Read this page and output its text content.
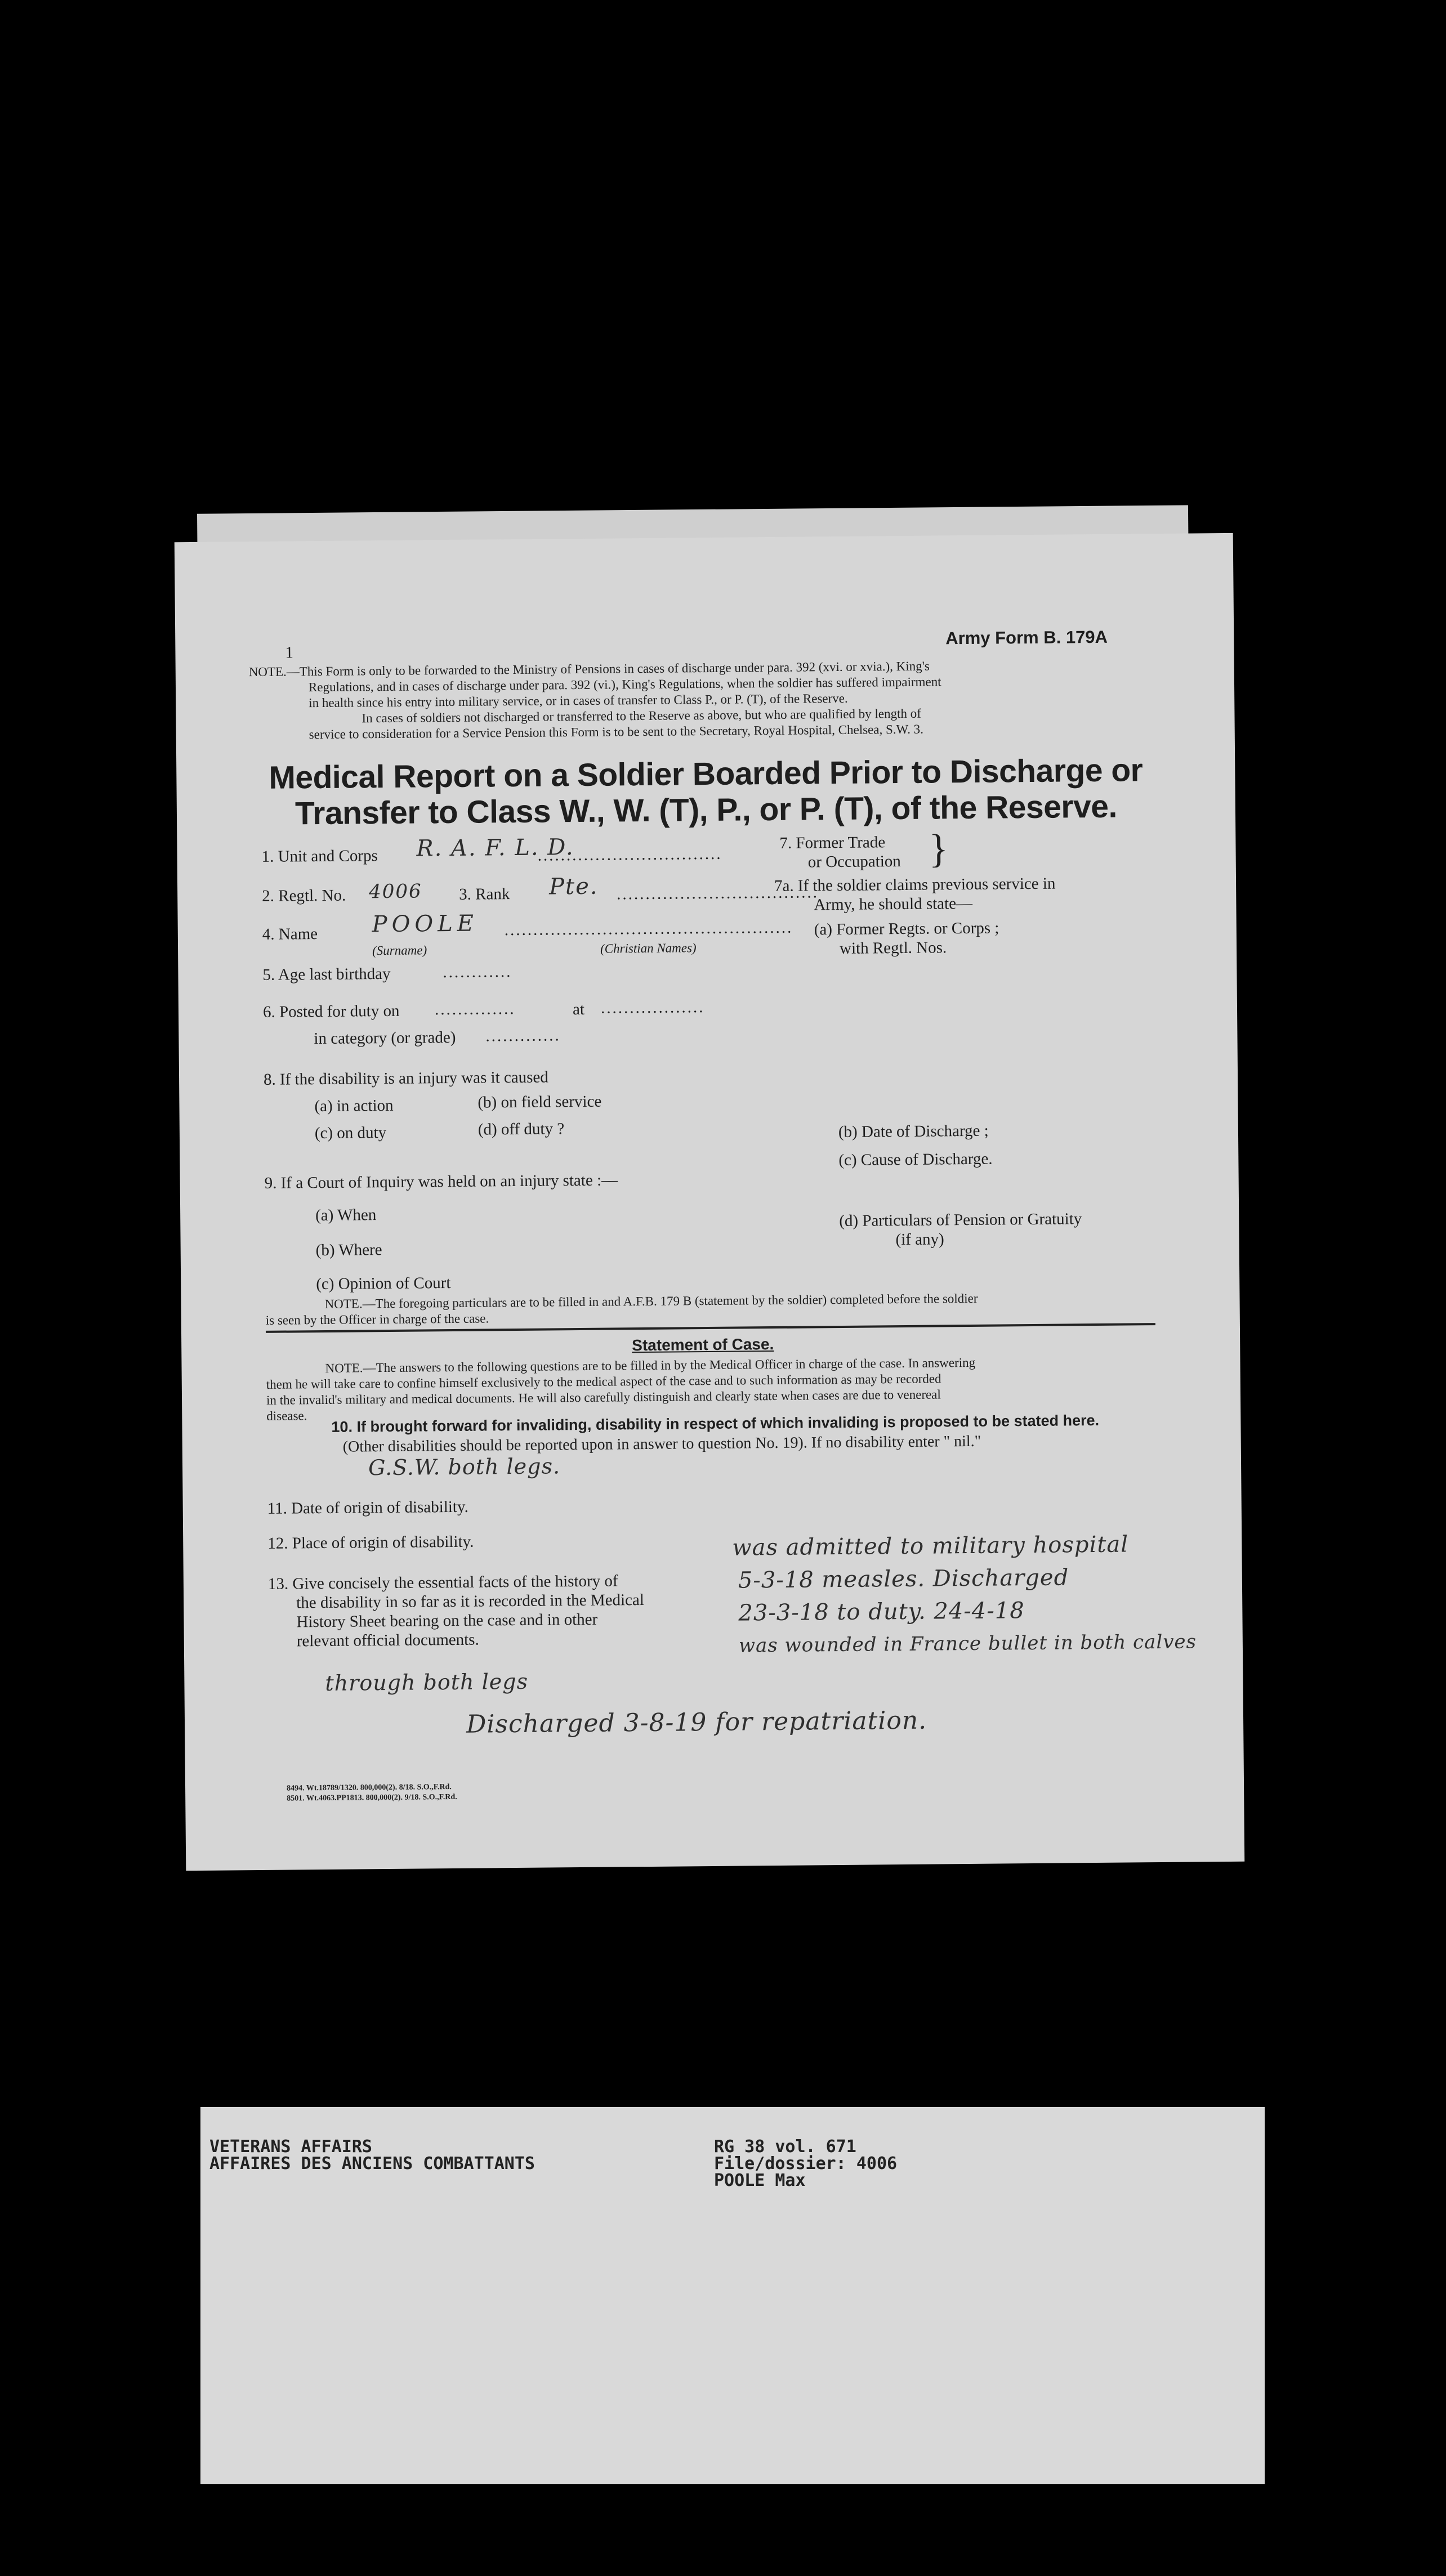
1
Army Form B. 179A
NOTE.—This Form is only to be forwarded to the Ministry of Pensions in cases of discharge under para. 392 (xvi. or xvia.), King's
Regulations, and in cases of discharge under para. 392 (vi.), King's Regulations, when the soldier has suffered impairment
in health since his entry into military service, or in cases of transfer to Class P., or P. (T), of the Reserve.
In cases of soldiers not discharged or transferred to the Reserve as above, but who are qualified by length of
service to consideration for a Service Pension this Form is to be sent to the Secretary, Royal Hospital, Chelsea, S.W. 3.
Medical Report on a Soldier Boarded Prior to Discharge or
Transfer to Class W., W. (T), P., or P. (T), of the Reserve.
1. Unit and Corps R. A. F. L. D.
................................
2. Regtl. No. 4006 3. Rank Pte. ...................................
4. Name POOLE ..................................................
(Surname)	(Christian Names)
5. Age last birthday	............
6. Posted for duty on ..............	at ..................
in category (or grade) .............
8. If the disability is an injury was it caused
(a) in action	(b) on field service
(c) on duty	(d) off duty ?
9. If a Court of Inquiry was held on an injury state :—
(a) When
(b) Where
(c) Opinion of Court
7. Former Trade
or Occupation }
7a. If the soldier claims previous service in
Army, he should state—
(a) Former Regts. or Corps ;
with Regtl. Nos.
(b) Date of Discharge ;
(c) Cause of Discharge.
(d) Particulars of Pension or Gratuity
(if any)
NOTE.—The foregoing particulars are to be filled in and A.F.B. 179 B (statement by the soldier) completed before the soldier
is seen by the Officer in charge of the case.
Statement of Case.
NOTE.—The answers to the following questions are to be filled in by the Medical Officer in charge of the case. In answering
them he will take care to confine himself exclusively to the medical aspect of the case and to such information as may be recorded
in the invalid's military and medical documents. He will also carefully distinguish and clearly state when cases are due to venereal
disease. 10. If brought forward for invaliding, disability in respect of which invaliding is proposed to be stated here.
(Other disabilities should be reported upon in answer to question No. 19). If no disability enter " nil."
G.S.W. both legs.
11. Date of origin of disability.
12. Place of origin of disability.
13. Give concisely the essential facts of the history of
the disability in so far as it is recorded in the Medical
History Sheet bearing on the case and in other
relevant official documents.
was admitted to military hospital
5-3-18 measles. Discharged
23-3-18 to duty. 24-4-18
was wounded in France bullet in both calves
through both legs
Discharged 3-8-19 for repatriation.
8494. Wt.18789/1320. 800,000(2). 8/18. S.O.,F.Rd.
8501. Wt.4063.PP1813. 800,000(2). 9/18. S.O.,F.Rd.
VETERANS AFFAIRS
AFFAIRES DES ANCIENS COMBATTANTS
RG 38 vol. 671
File/dossier: 4006
POOLE Max
